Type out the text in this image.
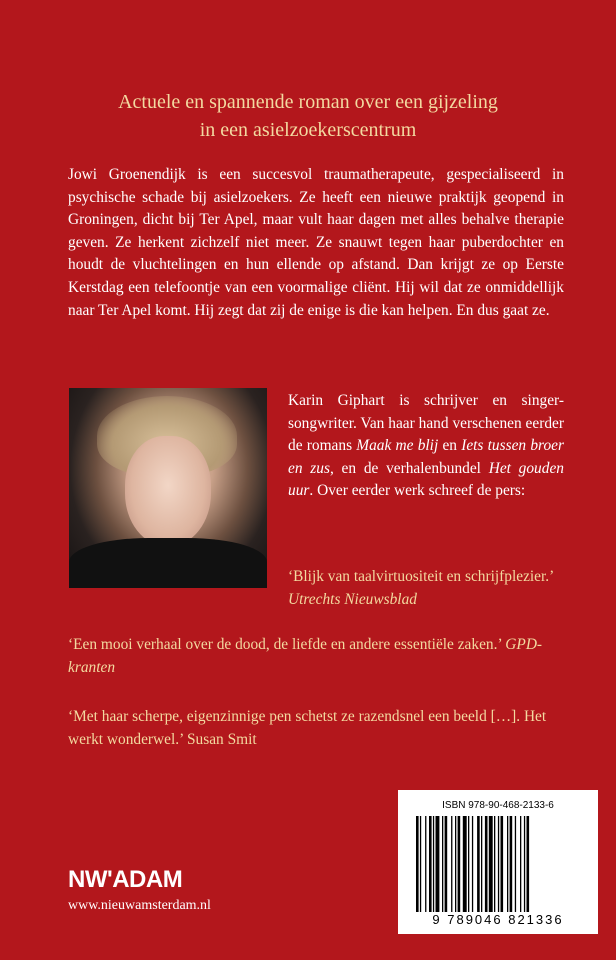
Actuele en spannende roman over een gijzeling
in een asielzoekerscentrum
Jowi Groenendijk is een succesvol traumatherapeute, gespecialiseerd in psychische schade bij asielzoekers. Ze heeft een nieuwe praktijk geopend in Groningen, dicht bij Ter Apel, maar vult haar dagen met alles behalve therapie geven. Ze herkent zichzelf niet meer. Ze snauwt tegen haar puberdochter en houdt de vluchtelingen en hun ellende op afstand. Dan krijgt ze op Eerste Kerstdag een telefoontje van een voormalige cliënt. Hij wil dat ze onmiddellijk naar Ter Apel komt. Hij zegt dat zij de enige is die kan helpen. En dus gaat ze.
Karin Giphart is schrijver en singer-songwriter. Van haar hand verschenen eerder de romans Maak me blij en Iets tussen broer en zus, en de verhalenbundel Het gouden uur. Over eerder werk schreef de pers:
‘Blijk van taalvirtuositeit en schrijfplezier.’ Utrechts Nieuwsblad
‘Een mooi verhaal over de dood, de liefde en andere essentiële zaken.’ GPD-kranten
‘Met haar scherpe, eigenzinnige pen schetst ze razendsnel een beeld […]. Het werkt wonderwel.’ Susan Smit
NW'ADAM
www.nieuwamsterdam.nl
ISBN 978-90-468-2133-6
9 789046 821336
